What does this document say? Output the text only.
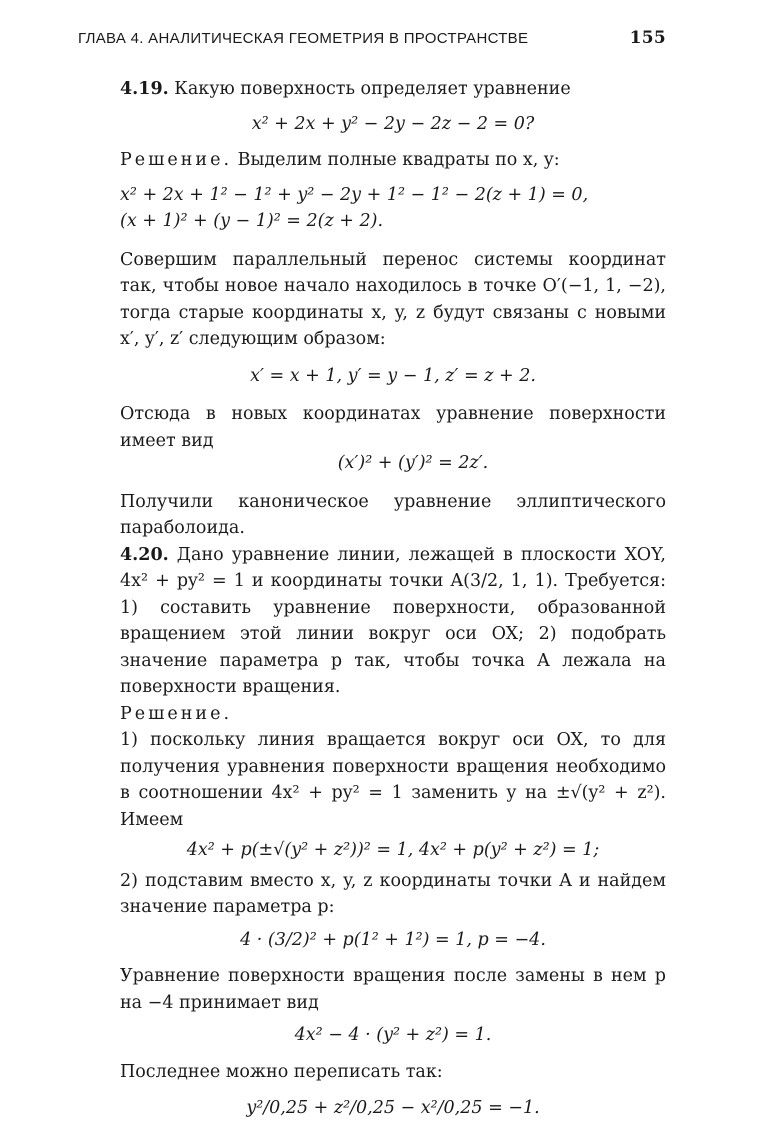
ГЛАВА 4. АНАЛИТИЧЕСКАЯ ГЕОМЕТРИЯ В ПРОСТРАНСТВЕ	155

4.19. Какую поверхность определяет уравнение

x² + 2x + y² − 2y − 2z − 2 = 0?

Решение. Выделим полные квадраты по x, y:

x² + 2x + 1² − 1² + y² − 2y + 1² − 1² − 2(z + 1) = 0,
(x + 1)² + (y − 1)² = 2(z + 2).

Совершим параллельный перенос системы координат так, чтобы новое начало находилось в точке O′(−1, 1, −2), тогда старые координаты x, y, z будут связаны с новыми x′, y′, z′ следующим образом:

x′ = x + 1, y′ = y − 1, z′ = z + 2.

Отсюда в новых координатах уравнение поверхности имеет вид

(x′)² + (y′)² = 2z′.

Получили каноническое уравнение эллиптического параболоида.

4.20. Дано уравнение линии, лежащей в плоскости XOY, 4x² + py² = 1 и координаты точки A(3/2, 1, 1). Требуется: 1) составить уравнение поверхности, образованной вращением этой линии вокруг оси OX; 2) подобрать значение параметра p так, чтобы точка A лежала на поверхности вращения.

Решение.

1) поскольку линия вращается вокруг оси OX, то для получения уравнения поверхности вращения необходимо в соотношении 4x² + py² = 1 заменить y на ±√(y² + z²). Имеем

4x² + p(±√(y² + z²))² = 1, 4x² + p(y² + z²) = 1;

2) подставим вместо x, y, z координаты точки A и найдем значение параметра p:

4 · (3/2)² + p(1² + 1²) = 1, p = −4.

Уравнение поверхности вращения после замены в нем p на −4 принимает вид

4x² − 4 · (y² + z²) = 1.

Последнее можно переписать так:

y²/0,25 + z²/0,25 − x²/0,25 = −1.
